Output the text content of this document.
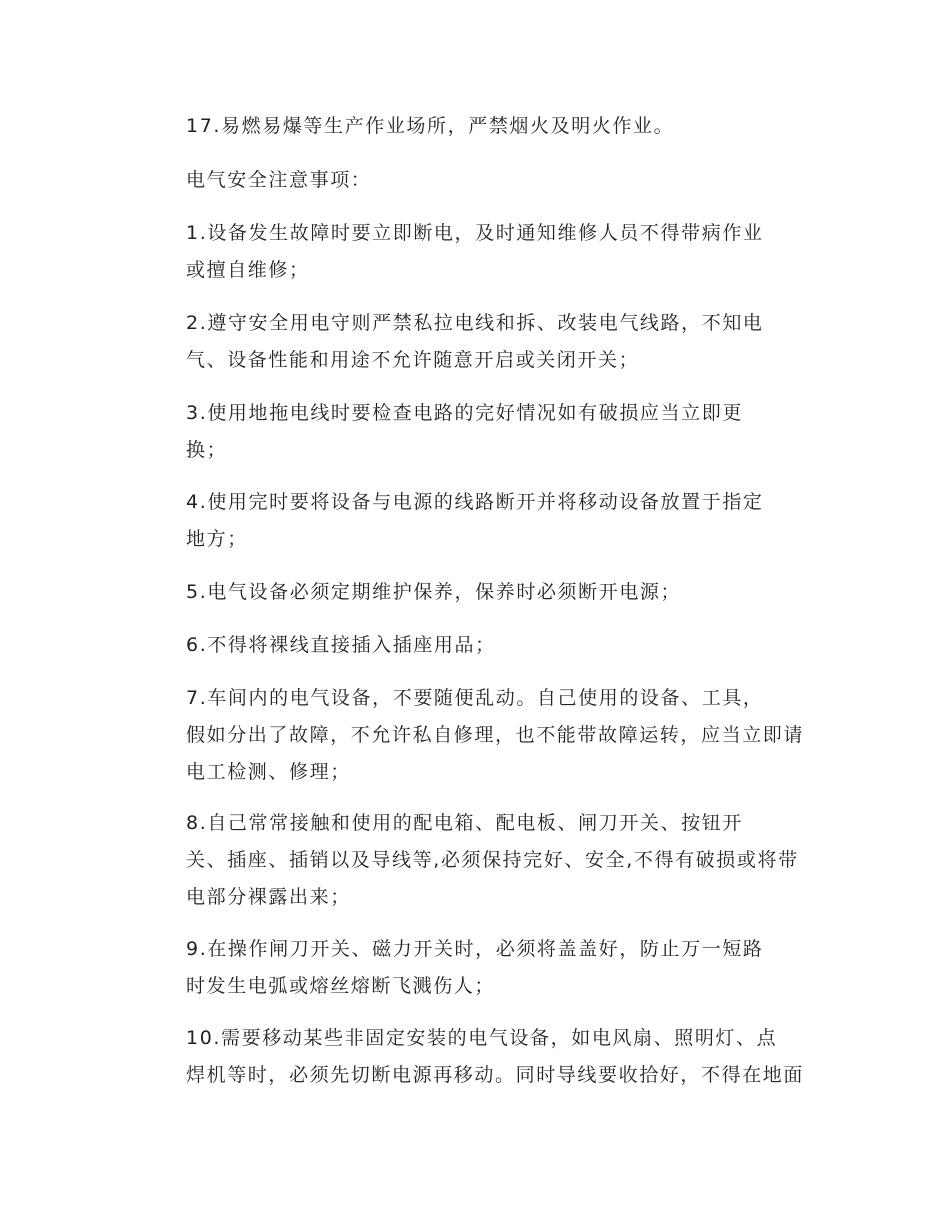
17.易燃易爆等生产作业场所，严禁烟火及明火作业。

电气安全注意事项：

1.设备发生故障时要立即断电，及时通知维修人员不得带病作业
或擅自维修；

2.遵守安全用电守则严禁私拉电线和拆、改装电气线路，不知电
气、设备性能和用途不允许随意开启或关闭开关；

3.使用地拖电线时要检查电路的完好情况如有破损应当立即更
换；

4.使用完时要将设备与电源的线路断开并将移动设备放置于指定
地方；

5.电气设备必须定期维护保养，保养时必须断开电源；

6.不得将裸线直接插入插座用品；

7.车间内的电气设备，不要随便乱动。自己使用的设备、工具，
假如分出了故障，不允许私自修理，也不能带故障运转，应当立即请
电工检测、修理；

8.自己常常接触和使用的配电箱、配电板、闸刀开关、按钮开
关、插座、插销以及导线等,必须保持完好、安全,不得有破损或将带
电部分裸露出来；

9.在操作闸刀开关、磁力开关时，必须将盖盖好，防止万一短路
时发生电弧或熔丝熔断飞溅伤人；

10.需要移动某些非固定安装的电气设备，如电风扇、照明灯、点
焊机等时，必须先切断电源再移动。同时导线要收拾好，不得在地面
